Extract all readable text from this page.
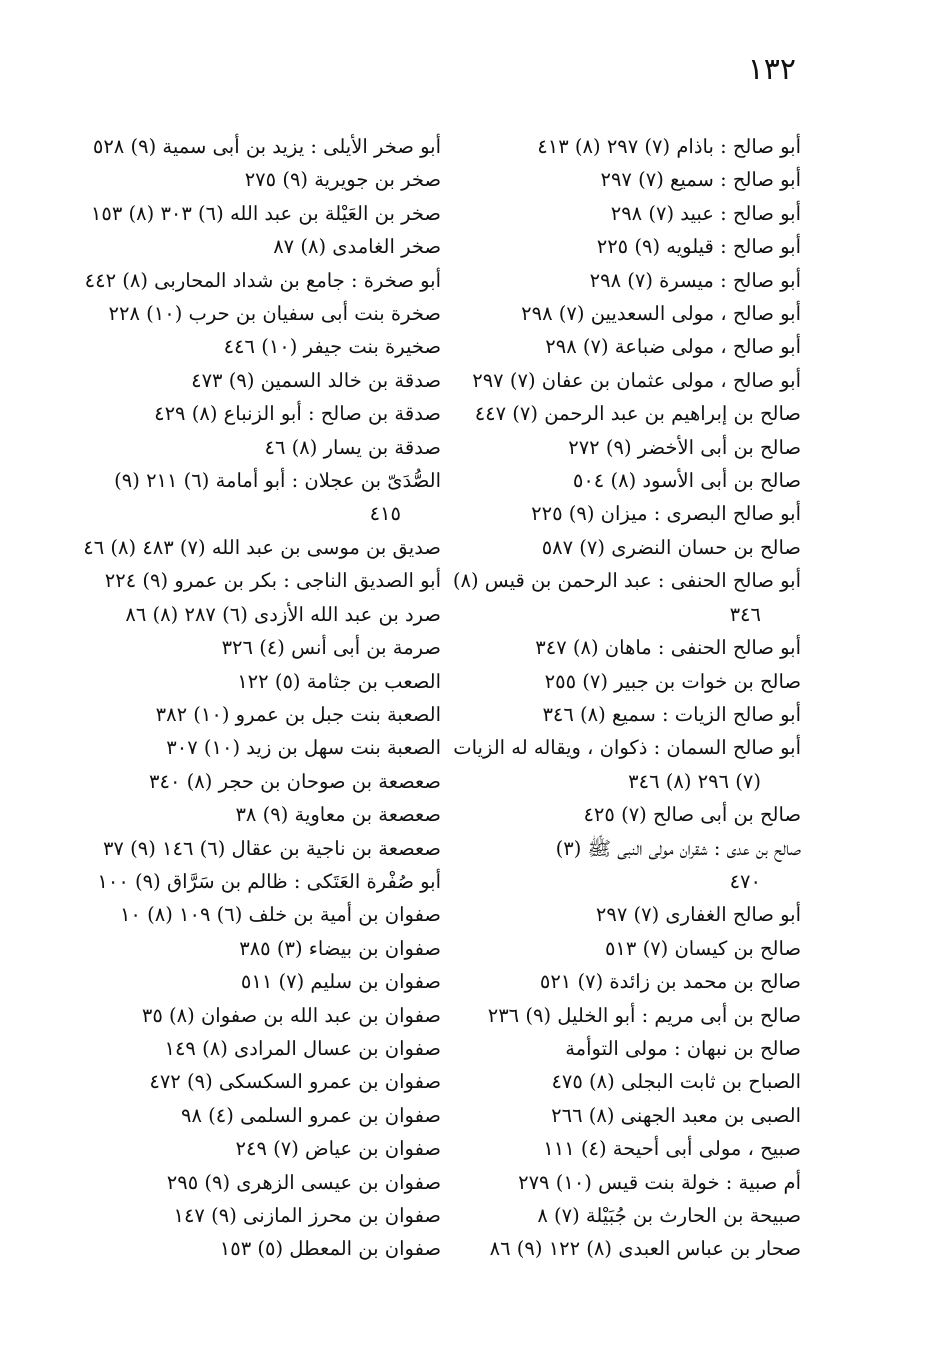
١٣٢
أبو صالح : باذام (٧) ٢٩٧ (٨) ٤١٣
أبو صالح : سميع (٧) ٢٩٧
أبو صالح : عبيد (٧) ٢٩٨
أبو صالح : قيلويه (٩) ٢٢٥
أبو صالح : ميسرة (٧) ٢٩٨
أبو صالح ، مولى السعديين (٧) ٢٩٨
أبو صالح ، مولى ضباعة (٧) ٢٩٨
أبو صالح ، مولى عثمان بن عفان (٧) ٢٩٧
صالح بن إبراهيم بن عبد الرحمن (٧) ٤٤٧
صالح بن أبى الأخضر (٩) ٢٧٢
صالح بن أبى الأسود (٨) ٥٠٤
أبو صالح البصرى : ميزان (٩) ٢٢٥
صالح بن حسان النضرى (٧) ٥٨٧
أبو صالح الحنفى : عبد الرحمن بن قيس (٨)
٣٤٦
أبو صالح الحنفى : ماهان (٨) ٣٤٧
صالح بن خوات بن جبير (٧) ٢٥٥
أبو صالح الزيات : سميع (٨) ٣٤٦
أبو صالح السمان : ذكوان ، ويقاله له الزيات
(٧) ٢٩٦ (٨) ٣٤٦
صالح بن أبى صالح (٧) ٤٢٥
صالح بن عدى : شقران مولى النبى ﷺ (٣)
٤٧٠
أبو صالح الغفارى (٧) ٢٩٧
صالح بن كيسان (٧) ٥١٣
صالح بن محمد بن زائدة (٧) ٥٢١
صالح بن أبى مريم : أبو الخليل (٩) ٢٣٦
صالح بن نبهان : مولى التوأمة
الصباح بن ثابت البجلى (٨) ٤٧٥
الصبى بن معبد الجهنى (٨) ٢٦٦
صبيح ، مولى أبى أحيحة (٤) ١١١
أم صبية : خولة بنت قيس (١٠) ٢٧٩
صبيحة بن الحارث بن جُبَيْلة (٧) ٨
صحار بن عباس العبدى (٨) ١٢٢ (٩) ٨٦
أبو صخر الأيلى : يزيد بن أبى سمية (٩) ٥٢٨
صخر بن جويرية (٩) ٢٧٥
صخر بن العَيْلة بن عبد الله (٦) ٣٠٣ (٨) ١٥٣
صخر الغامدى (٨) ٨٧
أبو صخرة : جامع بن شداد المحاربى (٨) ٤٤٢
صخرة بنت أبى سفيان بن حرب (١٠) ٢٢٨
صخيرة بنت جيفر (١٠) ٤٤٦
صدقة بن خالد السمين (٩) ٤٧٣
صدقة بن صالح : أبو الزنباع (٨) ٤٢٩
صدقة بن يسار (٨) ٤٦
الصُّدَىّ بن عجلان : أبو أمامة (٦) ٢١١ (٩)
٤١٥
صديق بن موسى بن عبد الله (٧) ٤٨٣ (٨) ٤٦
أبو الصديق الناجى : بكر بن عمرو (٩) ٢٢٤
صرد بن عبد الله الأزدى (٦) ٢٨٧ (٨) ٨٦
صرمة بن أبى أنس (٤) ٣٢٦
الصعب بن جثامة (٥) ١٢٢
الصعبة بنت جبل بن عمرو (١٠) ٣٨٢
الصعبة بنت سهل بن زيد (١٠) ٣٠٧
صعصعة بن صوحان بن حجر (٨) ٣٤٠
صعصعة بن معاوية (٩) ٣٨
صعصعة بن ناجية بن عقال (٦) ١٤٦ (٩) ٣٧
أبو صُفْرة العَتَكى : ظالم بن سَرَّاق (٩) ١٠٠
صفوان بن أمية بن خلف (٦) ١٠٩ (٨) ١٠
صفوان بن بيضاء (٣) ٣٨٥
صفوان بن سليم (٧) ٥١١
صفوان بن عبد الله بن صفوان (٨) ٣٥
صفوان بن عسال المرادى (٨) ١٤٩
صفوان بن عمرو السكسكى (٩) ٤٧٢
صفوان بن عمرو السلمى (٤) ٩٨
صفوان بن عياض (٧) ٢٤٩
صفوان بن عيسى الزهرى (٩) ٢٩٥
صفوان بن محرز المازنى (٩) ١٤٧
صفوان بن المعطل (٥) ١٥٣
